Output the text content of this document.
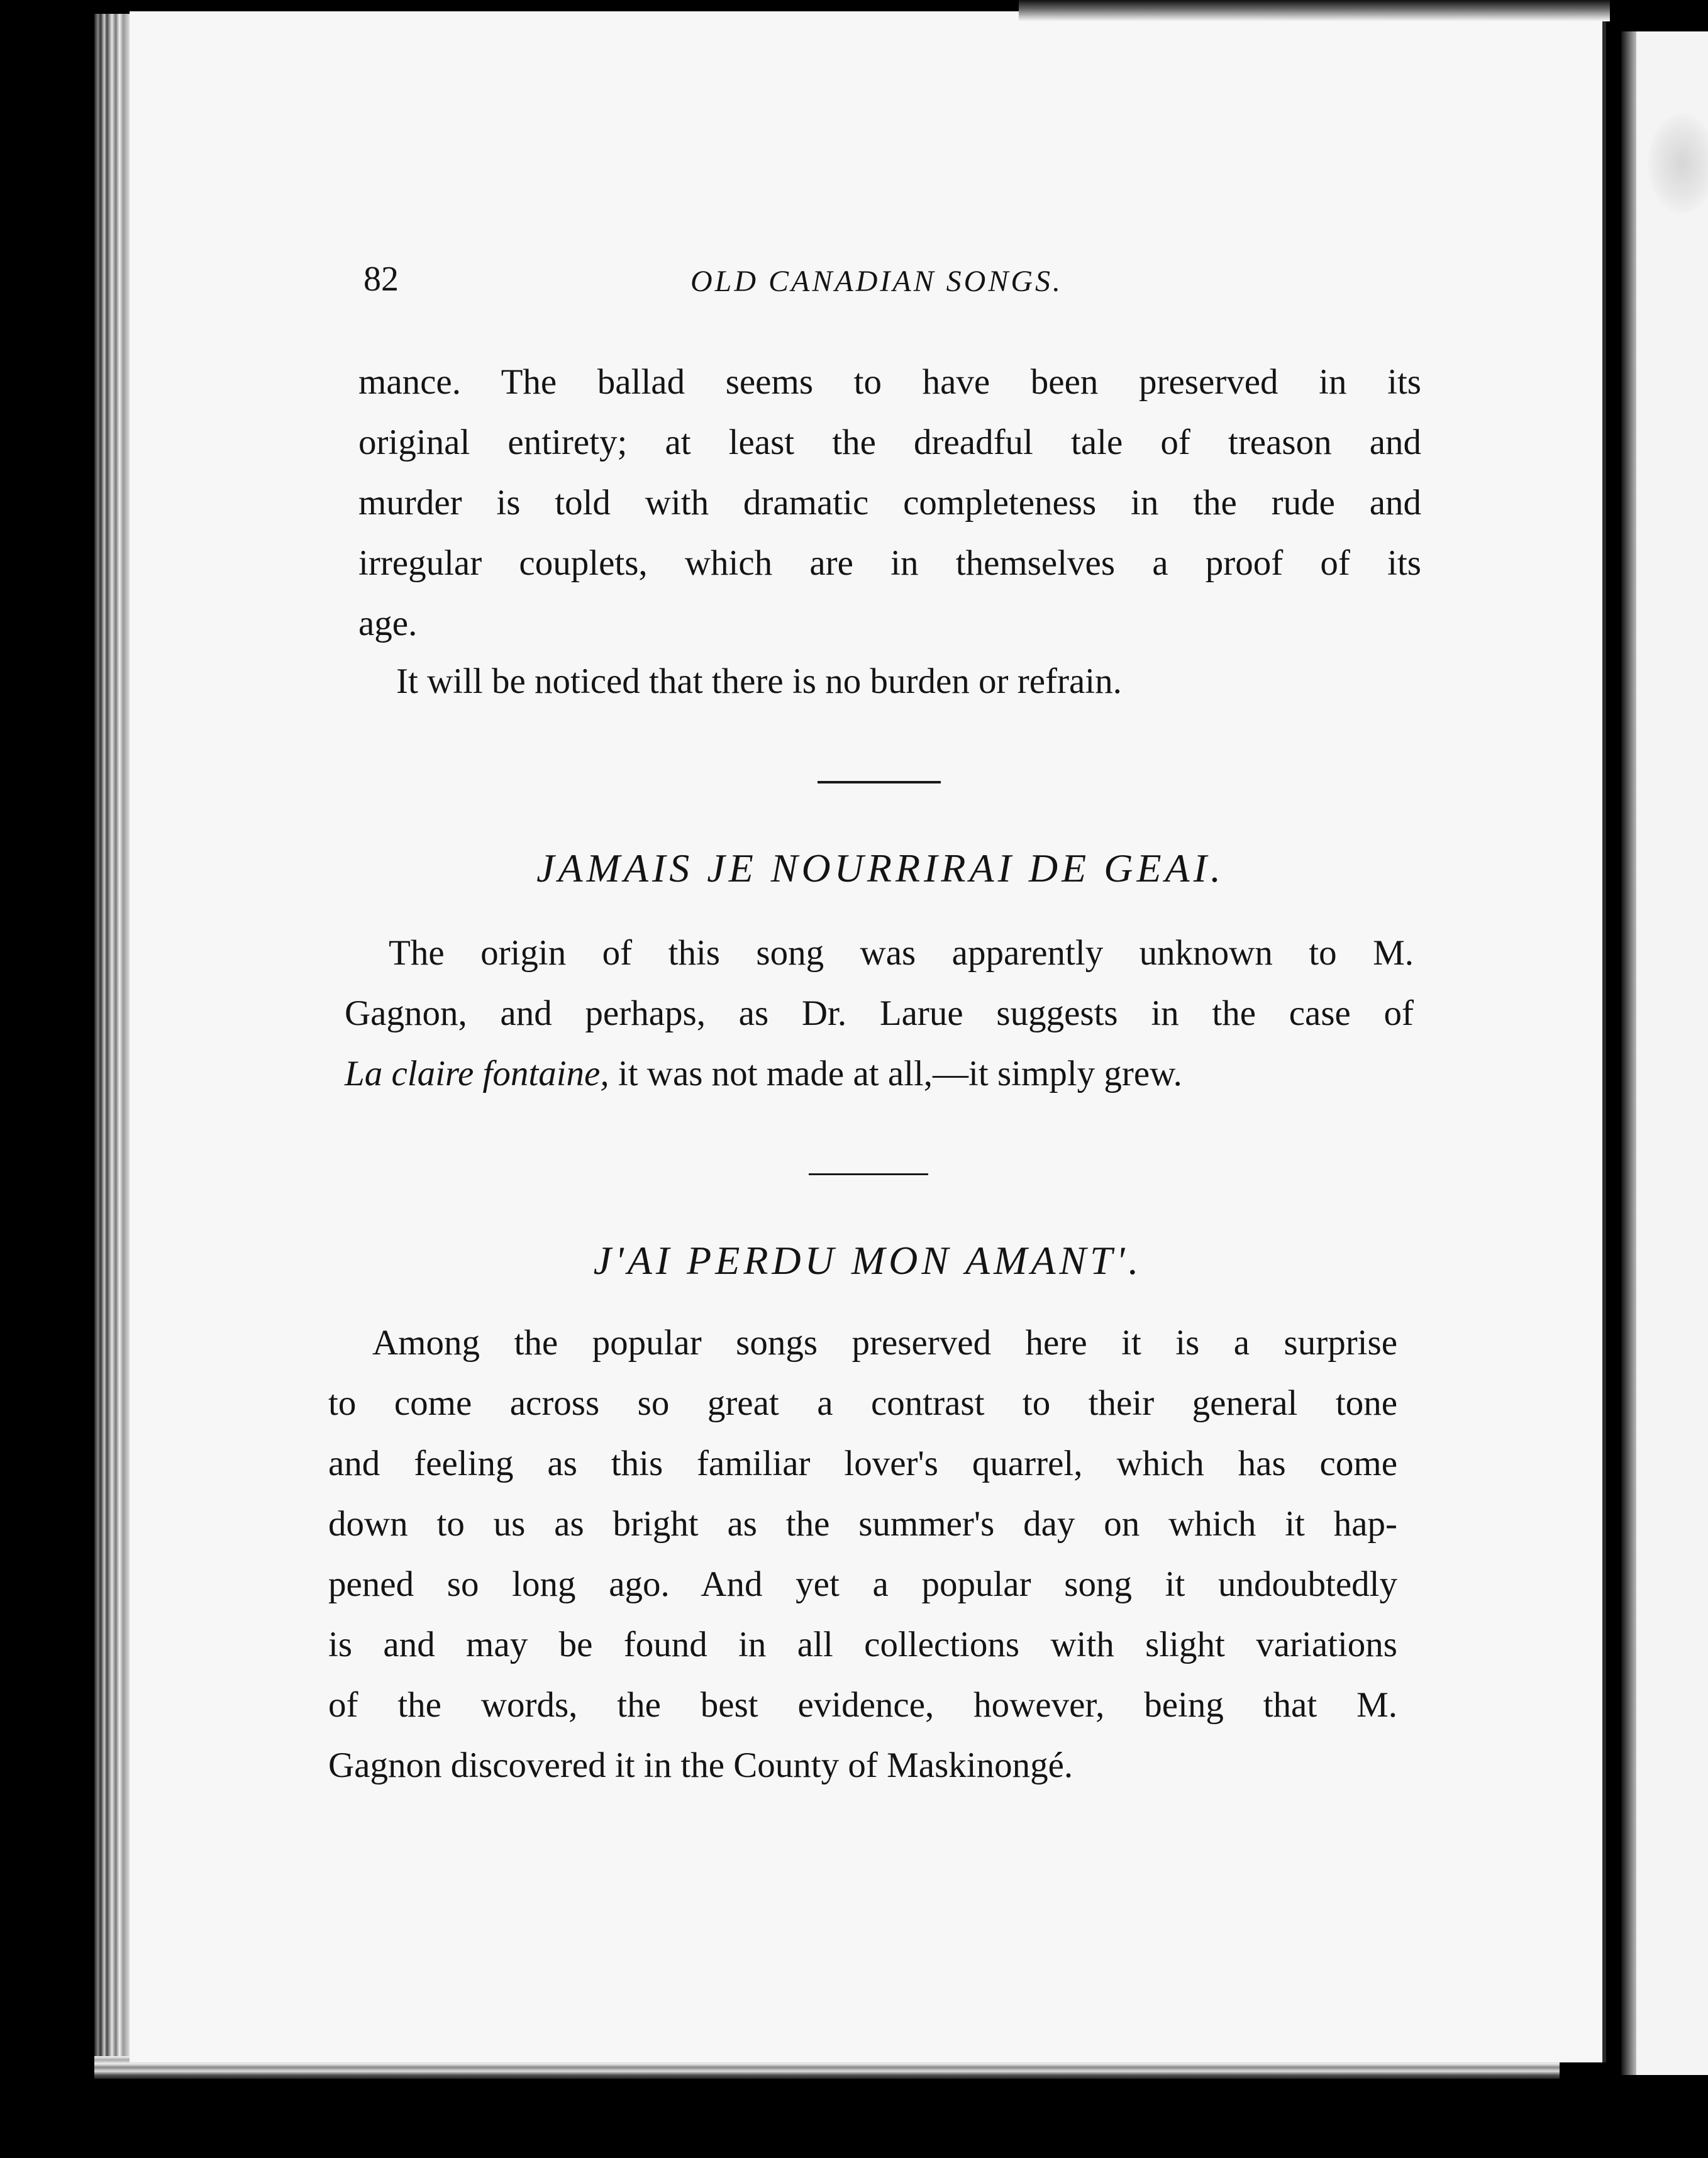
82	OLD CANADIAN SONGS.
mance. The ballad seems to have been preserved in its
original entirety; at least the dreadful tale of treason and
murder is told with dramatic completeness in the rude and
irregular couplets, which are in themselves a proof of its
age.
It will be noticed that there is no burden or refrain.
JAMAIS JE NOURRIRAI DE GEAI.
The origin of this song was apparently unknown to M.
Gagnon, and perhaps, as Dr. Larue suggests in the case of
La claire fontaine, it was not made at all,—it simply grew.
J'AI PERDU MON AMANT'.
Among the popular songs preserved here it is a surprise
to come across so great a contrast to their general tone
and feeling as this familiar lover's quarrel, which has come
down to us as bright as the summer's day on which it hap-
pened so long ago. And yet a popular song it undoubtedly
is and may be found in all collections with slight variations
of the words, the best evidence, however, being that M.
Gagnon discovered it in the County of Maskinongé.
